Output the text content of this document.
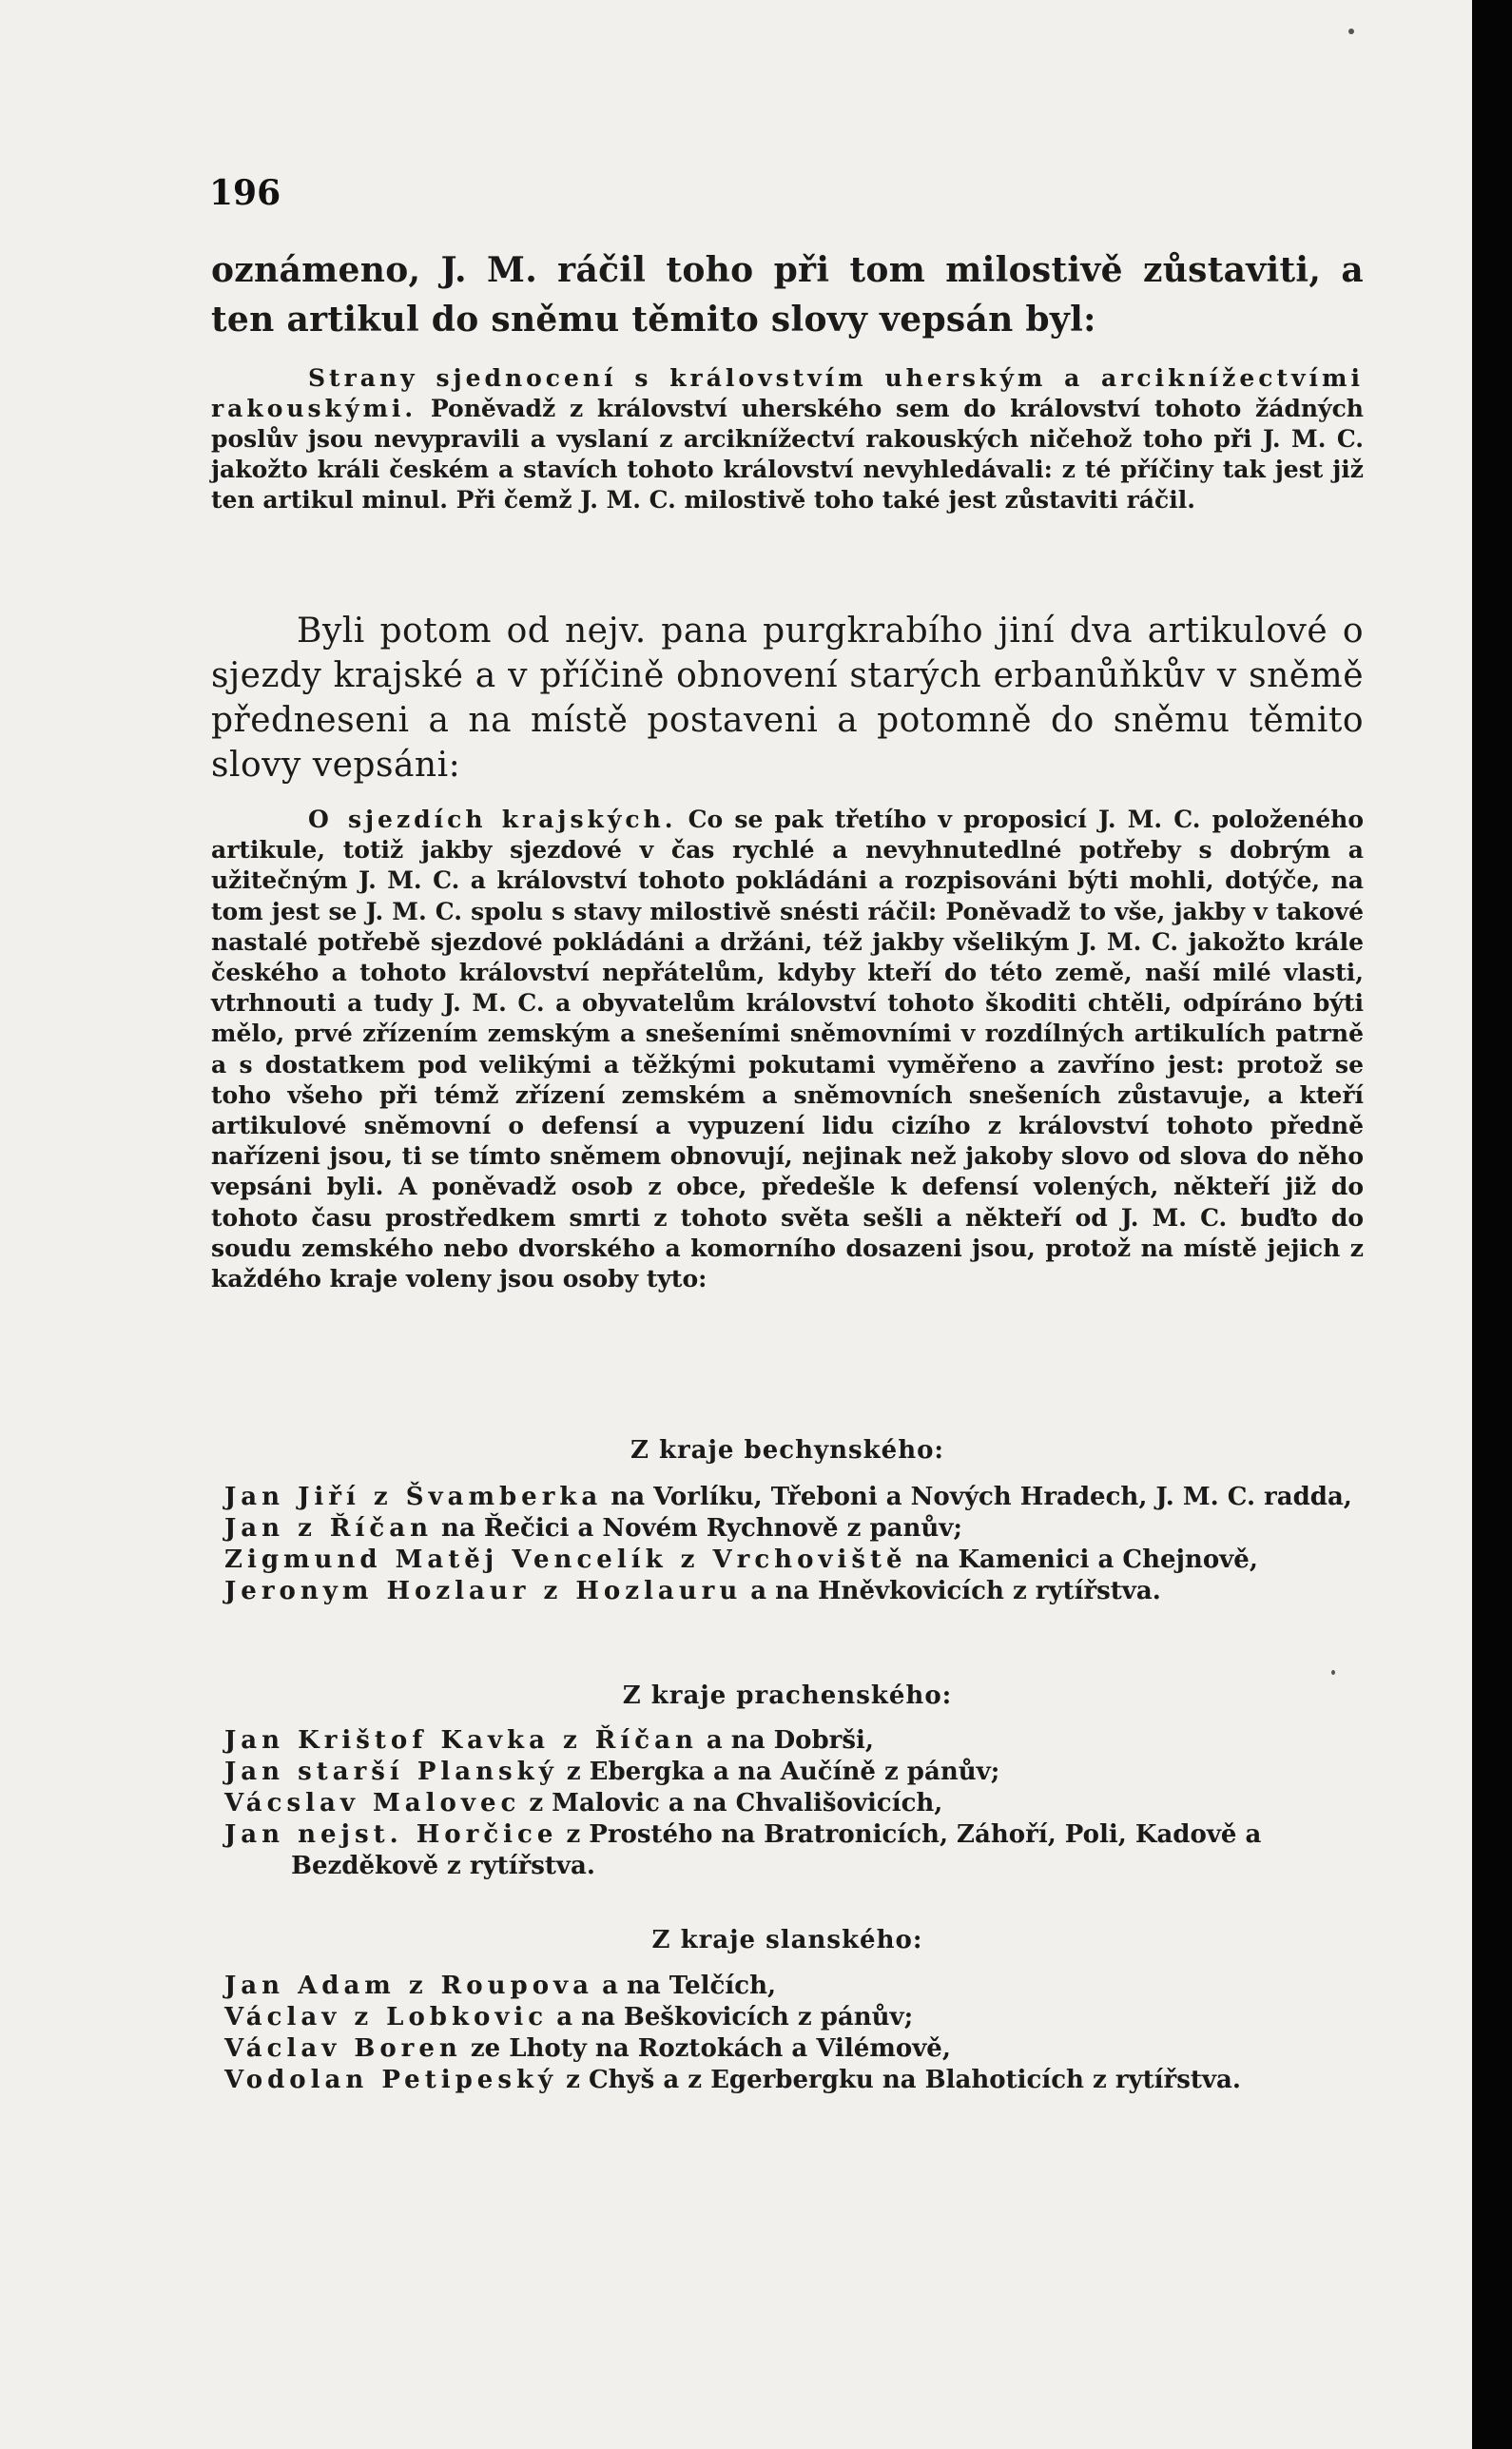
196

oznámeno, J. M. ráčil toho při tom milostivě zůstaviti, a ten artikul do sněmu těmito slovy vepsán byl:

Strany sjednocení s královstvím uherským a arciknížectvími rakouskými. Poněvadž z království uherského sem do království tohoto žádných poslův jsou nevypravili a vyslaní z arciknížectví rakouských ničehož toho při J. M. C. jakožto králi českém a stavích tohoto království nevyhledávali: z té příčiny tak jest již ten artikul minul. Při čemž J. M. C. milostivě toho také jest zůstaviti ráčil.

Byli potom od nejv. pana purgkrabího jiní dva artikulové o sjezdy krajské a v příčině obnovení starých erbanůňkův v sněmě předneseni a na místě postaveni a potomně do sněmu těmito slovy vepsáni:

O sjezdích krajských. Co se pak třetího v proposicí J. M. C. položeného artikule, totiž jakby sjezdové v čas rychlé a nevyhnutedlné potřeby s dobrým a užitečným J. M. C. a království tohoto pokládáni a rozpisováni býti mohli, dotýče, na tom jest se J. M. C. spolu s stavy milostivě snésti ráčil: Poněvadž to vše, jakby v takové nastalé potřebě sjezdové pokládáni a držáni, též jakby všelikým J. M. C. jakožto krále českého a tohoto království nepřátelům, kdyby kteří do této země, naší milé vlasti, vtrhnouti a tudy J. M. C. a obyvatelům království tohoto škoditi chtěli, odpíráno býti mělo, prvé zřízením zemským a snešeními sněmovními v rozdílných artikulích patrně a s dostatkem pod velikými a těžkými pokutami vyměřeno a zavříno jest: protož se toho všeho při témž zřízení zemském a sněmovních snešeních zůstavuje, a kteří artikulové sněmovní o defensí a vypuzení lidu cizího z království tohoto předně nařízeni jsou, ti se tímto sněmem obnovují, nejinak než jakoby slovo od slova do něho vepsáni byli. A poněvadž osob z obce, předešle k defensí volených, někteří již do tohoto času prostředkem smrti z tohoto světa sešli a někteří od J. M. C. buďto do soudu zemského nebo dvorského a komorního dosazeni jsou, protož na místě jejich z každého kraje voleny jsou osoby tyto:

Z kraje bechynského:
Jan Jiří z Švamberka na Vorlíku, Třeboni a Nových Hradech, J. M. C. radda,
Jan z Říčan na Řečici a Novém Rychnově z panův;
Zigmund Matěj Vencelík z Vrchoviště na Kamenici a Chejnově,
Jeronym Hozlaur z Hozlauru a na Hněvkovicích z rytířstva.
Z kraje prachenského:
Jan Krištof Kavka z Říčan a na Dobrši,
Jan starší Planský z Ebergka a na Aučíně z pánův;
Vácslav Malovec z Malovic a na Chvališovicích,
Jan nejst. Horčice z Prostého na Bratronicích, Záhoří, Poli, Kadově a Bezděkově z rytířstva.
Z kraje slanského:
Jan Adam z Roupova a na Telčích,
Václav z Lobkovic a na Beškovicích z pánův;
Václav Boren ze Lhoty na Roztokách a Vilémově,
Vodolan Petipeský z Chyš a z Egerbergku na Blahoticích z rytířstva.
